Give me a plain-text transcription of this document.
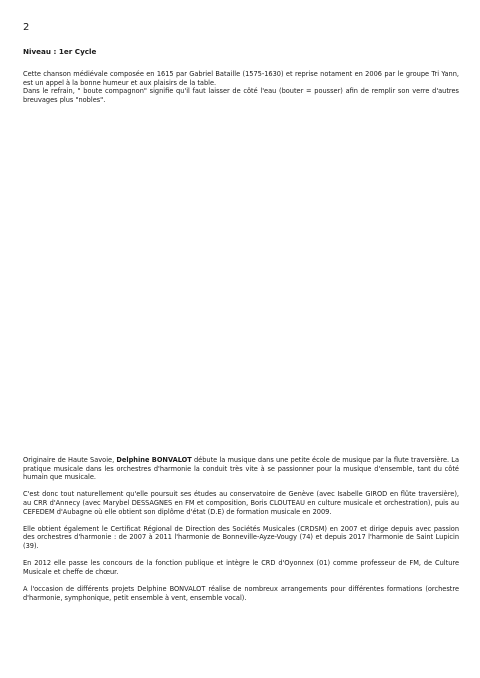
2
Niveau : 1er Cycle

Cette chanson médiévale composée en 1615 par Gabriel Bataille (1575-1630) et reprise notament en 2006 par le groupe Tri Yann, est un appel à la bonne humeur et aux plaisirs de la table.

Dans le refrain, " boute compagnon" signifie qu'il faut laisser de côté l'eau (bouter = pousser) afin de remplir son verre d'autres breuvages plus "nobles".

Originaire de Haute Savoie, Delphine BONVALOT débute la musique dans une petite école de musique par la flute traversière. La pratique musicale dans les orchestres d'harmonie la conduit très vite à se passionner pour la musique d'ensemble, tant du côté humain que musicale.

C'est donc tout naturellement qu'elle poursuit ses études au conservatoire de Genève (avec Isabelle GIROD en flûte traversière), au CRR d'Annecy (avec Marybel DESSAGNES en FM et composition, Boris CLOUTEAU en culture musicale et orchestration), puis au CEFEDEM d'Aubagne où elle obtient son diplôme d'état (D.E) de formation musicale en 2009.

Elle obtient également le Certificat Régional de Direction des Sociétés Musicales (CRDSM) en 2007 et dirige depuis avec passion des orchestres d'harmonie : de 2007 à 2011 l'harmonie de Bonneville-Ayze-Vougy (74) et depuis 2017 l'harmonie de Saint Lupicin (39).

En 2012 elle passe les concours de la fonction publique et intègre le CRD d'Oyonnex (01) comme professeur de FM, de Culture Musicale et cheffe de chœur.

A l'occasion de différents projets Delphine BONVALOT réalise de nombreux arrangements pour différentes formations (orchestre d'harmonie, symphonique, petit ensemble à vent, ensemble vocal).
